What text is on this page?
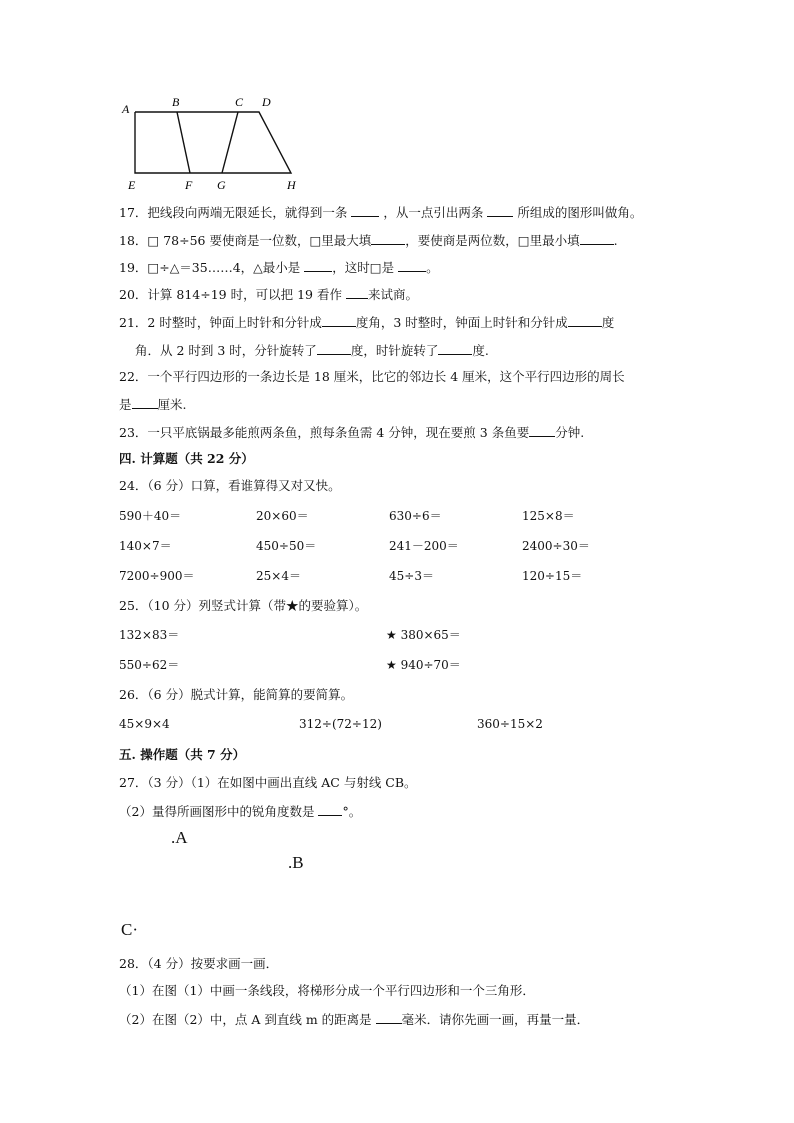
A	B	C D
E	F G	H
17．把线段向两端无限延长，就得到一条	，从一点引出两条	所组成的图形叫做角。
18．□ 78÷56 要使商是一位数，□里最大填	，要使商是两位数，□里最小填	.
19．□÷△＝35……4，△最小是	，这时□是	。
20．计算 814÷19 时，可以把 19 看作 来试商。
21．2 时整时，钟面上时针和分针成	度角，3 时整时，钟面上时针和分针成	度
角．从 2 时到 3 时，分针旋转了	度，时针旋转了	度.
22．一个平行四边形的一条边长是 18 厘米，比它的邻边长 4 厘米，这个平行四边形的周长
是 厘米.
23．一只平底锅最多能煎两条鱼，煎每条鱼需 4 分钟，现在要煎 3 条鱼要 分钟.
四. 计算题（共 22 分）
24．（6 分）口算，看谁算得又对又快。
590＋40＝	20×60＝	630÷6＝	125×8＝
140×7＝	450÷50＝	241－200＝	2400÷30＝
7200÷900＝	25×4＝	45÷3＝	120÷15＝
25．（10 分）列竖式计算（带★的要验算）。
132×83＝	★ 380×65＝
550÷62＝	★ 940÷70＝
26．（6 分）脱式计算，能简算的要简算。
45×9×4	312÷(72÷12)	360÷15×2
五. 操作题（共 7 分）
27．（3 分）（1）在如图中画出直线 AC 与射线 CB。
（2）量得所画图形中的锐角度数是 °。
.A
.B
C·
28．（4 分）按要求画一画．
（1）在图（1）中画一条线段，将梯形分成一个平行四边形和一个三角形．
（2）在图（2）中，点 A 到直线 m 的距离是 毫米．请你先画一画，再量一量．
